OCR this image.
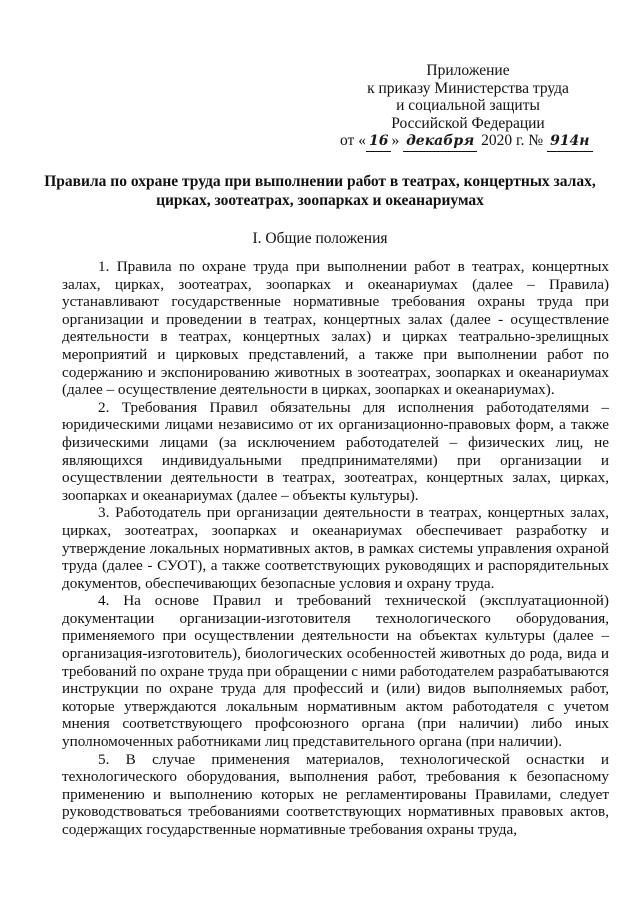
Приложение
к приказу Министерства труда
и социальной защиты
Российской Федерации
от « 16 » декабря 2020 г. № 914н
Правила по охране труда при выполнении работ в театрах, концертных залах, цирках, зоотеатрах, зоопарках и океанариумах
I. Общие положения

1. Правила по охране труда при выполнении работ в театрах, концертных залах, цирках, зоотеатрах, зоопарках и океанариумах (далее – Правила) устанавливают государственные нормативные требования охраны труда при организации и проведении в театрах, концертных залах (далее - осуществление деятельности в театрах, концертных залах) и цирках театрально-зрелищных мероприятий и цирковых представлений, а также при выполнении работ по содержанию и экспонированию животных в зоотеатрах, зоопарках и океанариумах (далее – осуществление деятельности в цирках, зоопарках и океанариумах).

2. Требования Правил обязательны для исполнения работодателями – юридическими лицами независимо от их организационно-правовых форм, а также физическими лицами (за исключением работодателей – физических лиц, не являющихся индивидуальными предпринимателями) при организации и осуществлении деятельности в театрах, зоотеатрах, концертных залах, цирках, зоопарках и океанариумах (далее – объекты культуры).

3. Работодатель при организации деятельности в театрах, концертных залах, цирках, зоотеатрах, зоопарках и океанариумах обеспечивает разработку и утверждение локальных нормативных актов, в рамках системы управления охраной труда (далее - СУОТ), а также соответствующих руководящих и распорядительных документов, обеспечивающих безопасные условия и охрану труда.

4. На основе Правил и требований технической (эксплуатационной) документации организации-изготовителя технологического оборудования, применяемого при осуществлении деятельности на объектах культуры (далее – организация-изготовитель), биологических особенностей животных до рода, вида и требований по охране труда при обращении с ними работодателем разрабатываются инструкции по охране труда для профессий и (или) видов выполняемых работ, которые утверждаются локальным нормативным актом работодателя с учетом мнения соответствующего профсоюзного органа (при наличии) либо иных уполномоченных работниками лиц представительного органа (при наличии).

5. В случае применения материалов, технологической оснастки и технологического оборудования, выполнения работ, требования к безопасному применению и выполнению которых не регламентированы Правилами, следует руководствоваться требованиями соответствующих нормативных правовых актов, содержащих государственные нормативные требования охраны труда,
